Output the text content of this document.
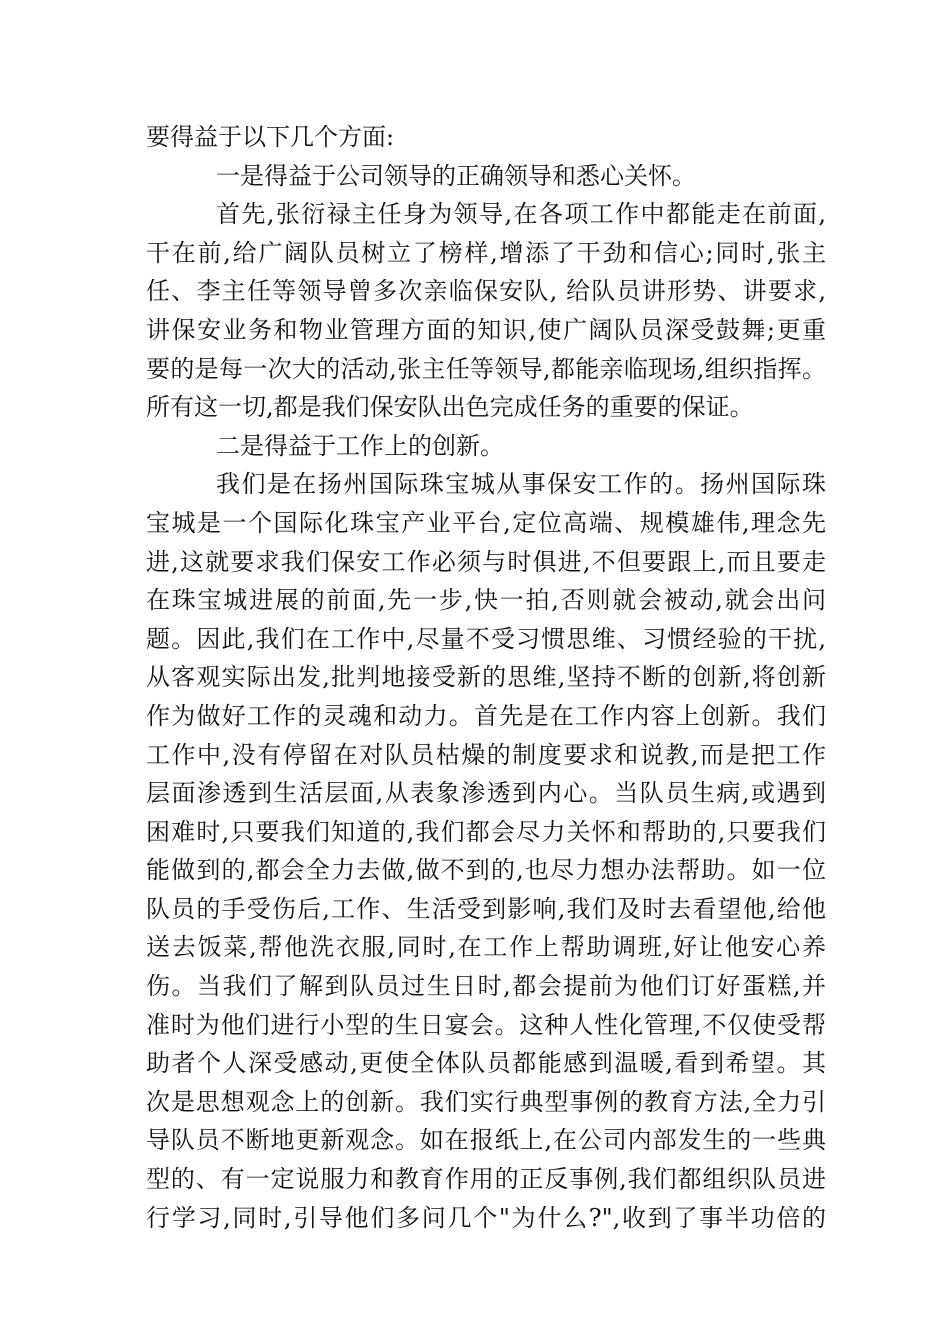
要得益于以下几个方面:
一是得益于公司领导的正确领导和悉心关怀。
首先,张衍禄主任身为领导,在各项工作中都能走在前面,
干在前,给广阔队员树立了榜样,增添了干劲和信心;同时,张主
任、李主任等领导曾多次亲临保安队, 给队员讲形势、讲要求,
讲保安业务和物业管理方面的知识,使广阔队员深受鼓舞;更重
要的是每一次大的活动,张主任等领导,都能亲临现场,组织指挥。
所有这一切,都是我们保安队出色完成任务的重要的保证。
二是得益于工作上的创新。
我们是在扬州国际珠宝城从事保安工作的。扬州国际珠
宝城是一个国际化珠宝产业平台,定位高端、规模雄伟,理念先
进,这就要求我们保安工作必须与时俱进,不但要跟上,而且要走
在珠宝城进展的前面,先一步,快一拍,否则就会被动,就会出问
题。因此,我们在工作中,尽量不受习惯思维、习惯经验的干扰,
从客观实际出发,批判地接受新的思维,坚持不断的创新,将创新
作为做好工作的灵魂和动力。首先是在工作内容上创新。我们
工作中,没有停留在对队员枯燥的制度要求和说教,而是把工作
层面渗透到生活层面,从表象渗透到内心。当队员生病,或遇到
困难时,只要我们知道的,我们都会尽力关怀和帮助的,只要我们
能做到的,都会全力去做,做不到的,也尽力想办法帮助。如一位
队员的手受伤后,工作、生活受到影响,我们及时去看望他,给他
送去饭菜,帮他洗衣服,同时,在工作上帮助调班,好让他安心养
伤。当我们了解到队员过生日时,都会提前为他们订好蛋糕,并
准时为他们进行小型的生日宴会。这种人性化管理,不仅使受帮
助者个人深受感动,更使全体队员都能感到温暖,看到希望。其
次是思想观念上的创新。我们实行典型事例的教育方法,全力引
导队员不断地更新观念。如在报纸上,在公司内部发生的一些典
型的、有一定说服力和教育作用的正反事例,我们都组织队员进
行学习,同时,引导他们多问几个"为什么?",收到了事半功倍的
